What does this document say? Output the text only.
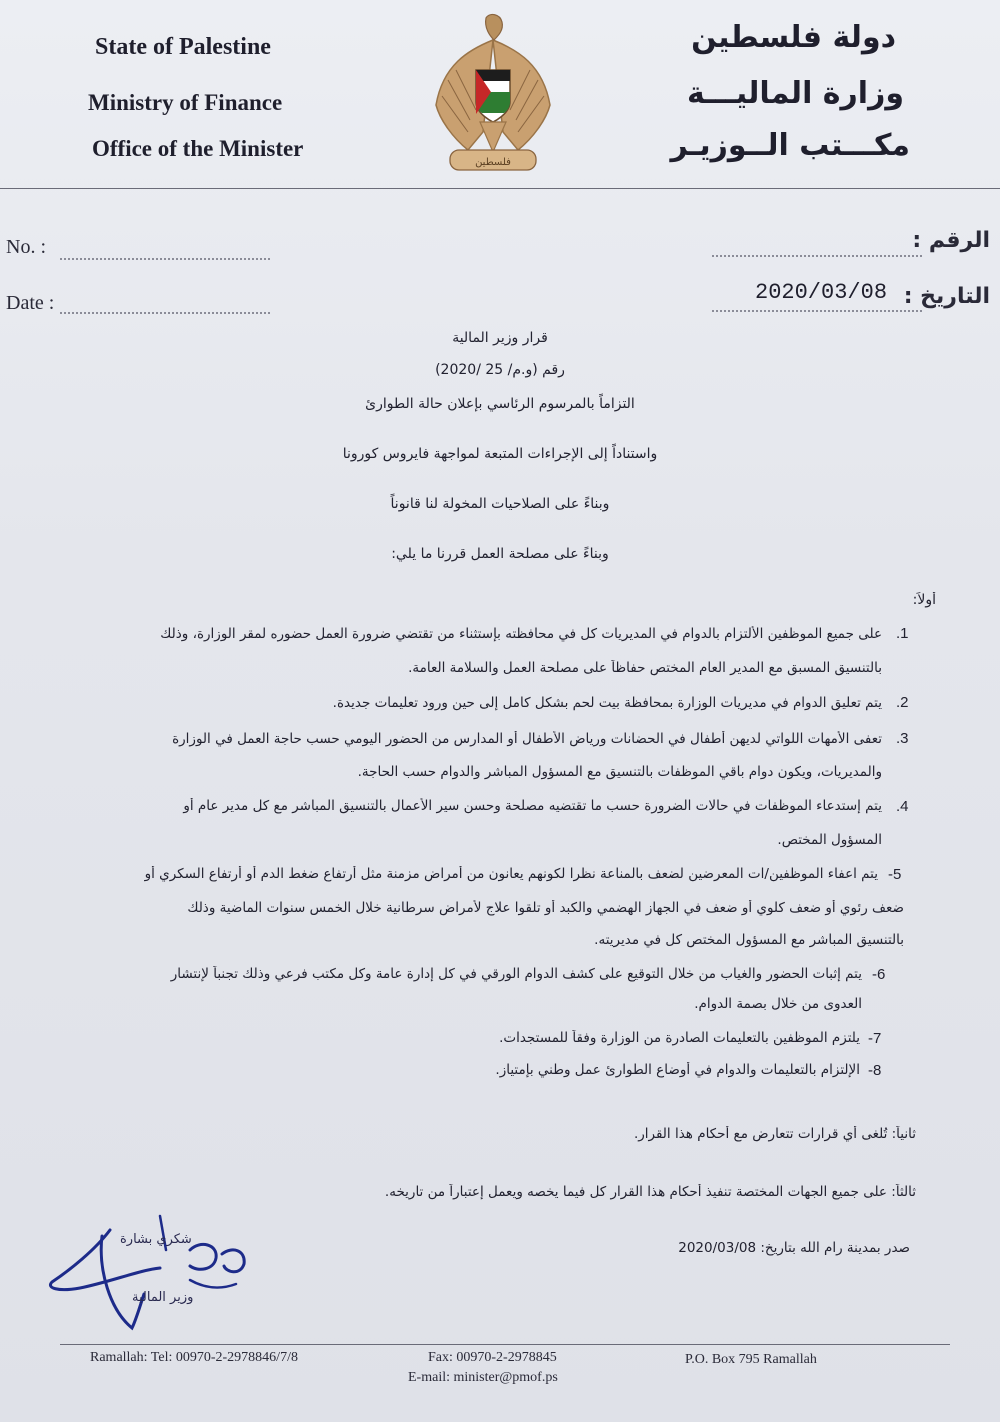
State of Palestine
Ministry of Finance
Office of the Minister
فلسطين
دولة فلسطين
وزارة الماليـــة
مكـــتب الــوزيـر
No. :	الرقم :
Date :	2020/03/08 التاريخ :
قرار وزير المالية
رقم (و.م/ 25 /2020)
التزاماً بالمرسوم الرئاسي بإعلان حالة الطوارئ
واستناداً إلى الإجراءات المتبعة لمواجهة فايروس كورونا
وبناءً على الصلاحيات المخولة لنا قانوناً
وبناءً على مصلحة العمل قررنا ما يلي:
أولاً:
.1
على جميع الموظفين الألتزام بالدوام في المديريات كل في محافظته بإستثناء من تقتضي ضرورة العمل حضوره لمقر الوزارة، وذلك
بالتنسيق المسبق مع المدير العام المختص حفاظاً على مصلحة العمل والسلامة العامة.
.2
يتم تعليق الدوام في مديريات الوزارة بمحافظة بيت لحم بشكل كامل إلى حين ورود تعليمات جديدة.
.3
تعفى الأمهات اللواتي لديهن أطفال في الحضانات ورياض الأطفال أو المدارس من الحضور اليومي حسب حاجة العمل في الوزارة
والمديريات، ويكون دوام باقي الموظفات بالتنسيق مع المسؤول المباشر والدوام حسب الحاجة.
.4
يتم إستدعاء الموظفات في حالات الضرورة حسب ما تقتضيه مصلحة وحسن سير الأعمال بالتنسيق المباشر مع كل مدير عام أو
المسؤول المختص.
-5
يتم اعفاء الموظفين/ات المعرضين لضعف بالمناعة نظرا لكونهم يعانون من أمراض مزمنة مثل أرتفاع ضغط الدم أو أرتفاع السكري أو
ضعف رئوي أو ضعف كلوي أو ضعف في الجهاز الهضمي والكبد أو تلقوا علاج لأمراض سرطانية خلال الخمس سنوات الماضية وذلك
بالتنسيق المباشر مع المسؤول المختص كل في مديريته.
-6
يتم إثبات الحضور والغياب من خلال التوقيع على كشف الدوام الورقي في كل إدارة عامة وكل مكتب فرعي وذلك تجنباً لإنتشار
العدوى من خلال بصمة الدوام.
-7
يلتزم الموظفين بالتعليمات الصادرة من الوزارة وفقاً للمستجدات.
-8
الإلتزام بالتعليمات والدوام في أوضاع الطوارئ عمل وطني بإمتياز.
ثانياً: تُلغى أي قرارات تتعارض مع أحكام هذا القرار.
ثالثاً: على جميع الجهات المختصة تنفيذ أحكام هذا القرار كل فيما يخصه ويعمل إعتباراً من تاريخه.
صدر بمدينة رام الله بتاريخ: 2020/03/08
شكري بشارة
وزير المالية
Ramallah: Tel: 00970-2-2978846/7/8	Fax: 00970-2-2978845
E-mail: minister@pmof.ps
P.O. Box 795 Ramallah
